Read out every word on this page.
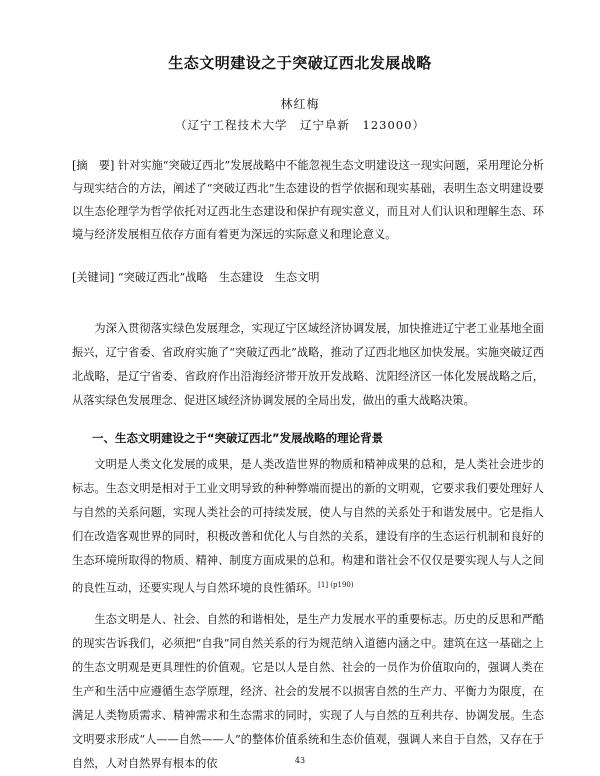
生态文明建设之于突破辽西北发展战略
林红梅
（辽宁工程技术大学　辽宁阜新　123000）
[摘　要] 针对实施“突破辽西北”发展战略中不能忽视生态文明建设这一现实问题，采用理论分析与现实结合的方法，阐述了“突破辽西北”生态建设的哲学依据和现实基础，表明生态文明建设要以生态伦理学为哲学依托对辽西北生态建设和保护有现实意义，而且对人们认识和理解生态、环境与经济发展相互依存方面有着更为深远的实际意义和理论意义。
[关键词] “突破辽西北”战略　生态建设　生态文明
为深入贯彻落实绿色发展理念，实现辽宁区域经济协调发展，加快推进辽宁老工业基地全面振兴，辽宁省委、省政府实施了“突破辽西北”战略，推动了辽西北地区加快发展。实施突破辽西北战略，是辽宁省委、省政府作出沿海经济带开放开发战略、沈阳经济区一体化发展战略之后，从落实绿色发展理念、促进区域经济协调发展的全局出发，做出的重大战略决策。
一、生态文明建设之于“突破辽西北”发展战略的理论背景
文明是人类文化发展的成果，是人类改造世界的物质和精神成果的总和，是人类社会进步的标志。生态文明是相对于工业文明导致的种种弊端而提出的新的文明观，它要求我们要处理好人与自然的关系问题，实现人类社会的可持续发展，使人与自然的关系处于和谐发展中。它是指人们在改造客观世界的同时，积极改善和优化人与自然的关系，建设有序的生态运行机制和良好的生态环境所取得的物质、精神、制度方面成果的总和。构建和谐社会不仅仅是要实现人与人之间的良性互动，还要实现人与自然环境的良性循环。$^{[1] (p190)}$
生态文明是人、社会、自然的和谐相处，是生产力发展水平的重要标志。历史的反思和严酷的现实告诉我们，必须把“自我”同自然关系的行为规范纳入道德内涵之中。建筑在这一基础之上的生态文明观是更具理性的价值观。它是以人是自然、社会的一员作为价值取向的，强调人类在生产和生活中应遵循生态学原理，经济、社会的发展不以损害自然的生产力、平衡力为限度，在满足人类物质需求、精神需求和生态需求的同时，实现了人与自然的互利共存、协调发展。生态文明要求形成“人——自然——人”的整体价值系统和生态价值观，强调人来自于自然，又存在于自然，人对自然界有根本的依	43
